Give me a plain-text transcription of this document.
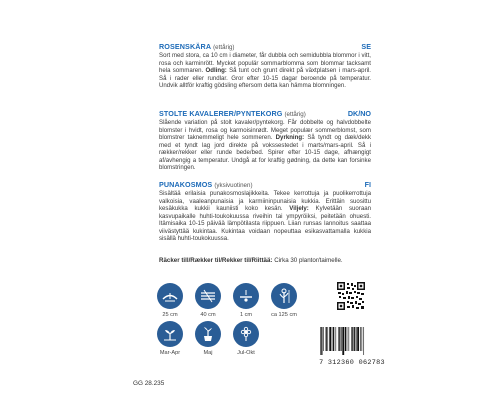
ROSENSKÄRA (ettårig)	SE
Sort med stora, ca 10 cm i diameter, får dubbla och semidubbla blommor i vitt, rosa och karminrött. Mycket populär sommarblomma som blommar tacksamt hela sommaren. Odling: Så tunt och grunt direkt på växtplatsen i mars-april. Så i rader eller rundlar. Gror efter 10-15 dagar beroende på temperatur. Undvik alltför kraftig gödsling eftersom detta kan hämma blomningen.
STOLTE KAVALERER/PYNTEKORG (ettårig)	DK/NO
Slående variation på stolt kavaler/pyntekorg. Får dobbelte og halvdobbelte blomster i hvidt, rosa og karmoisinrødt. Meget populær sommerblomst, som blomstrer taknemmeligt hele sommeren. Dyrkning: Så tyndt og dæk/dekk med et tyndt lag jord direkte på vokssestedet i marts/mars-april. Så i rækker/rekker eller runde bede/bed. Spirer efter 10-15 dage, afhængigt af/avhengig a temperatur. Undgå at for kraftig gødning, da dette kan forsinke blomstringen.
PUNAKOSMOS (yksivuotinen)	FI
Sisältää erilaisia punakosmoslajikkeita. Tekee kerrottuja ja puolikerrottuja valkoisia, vaaleanpunaisia ja karmiininpunaisia kukkia. Erittäin suosittu kesäkukka kukkii kauniisti koko kesän. Viljely: Kylvetään suoraan kasvupaikalle huhti-toukokuussa riveihin tai ympyröiksi, peitetään ohuesti. Itämisaika 10-15 päivää lämpötilasta riippuen. Liian runsas lannoitus saattaa viivästyttää kukintaa. Kukintaa voidaan nopeuttaa esikasvattamalla kukkia sisällä huhti-toukokuussa.
Räcker till/Rækker til/Rekker til/Riittää: Cirka 30 plantor/taimelle.
25 cm	40 cm	1 cm	ca 125 cm
Mar-Apr	Maj	Jul-Okt
7 312360 062783
GG 28.235
